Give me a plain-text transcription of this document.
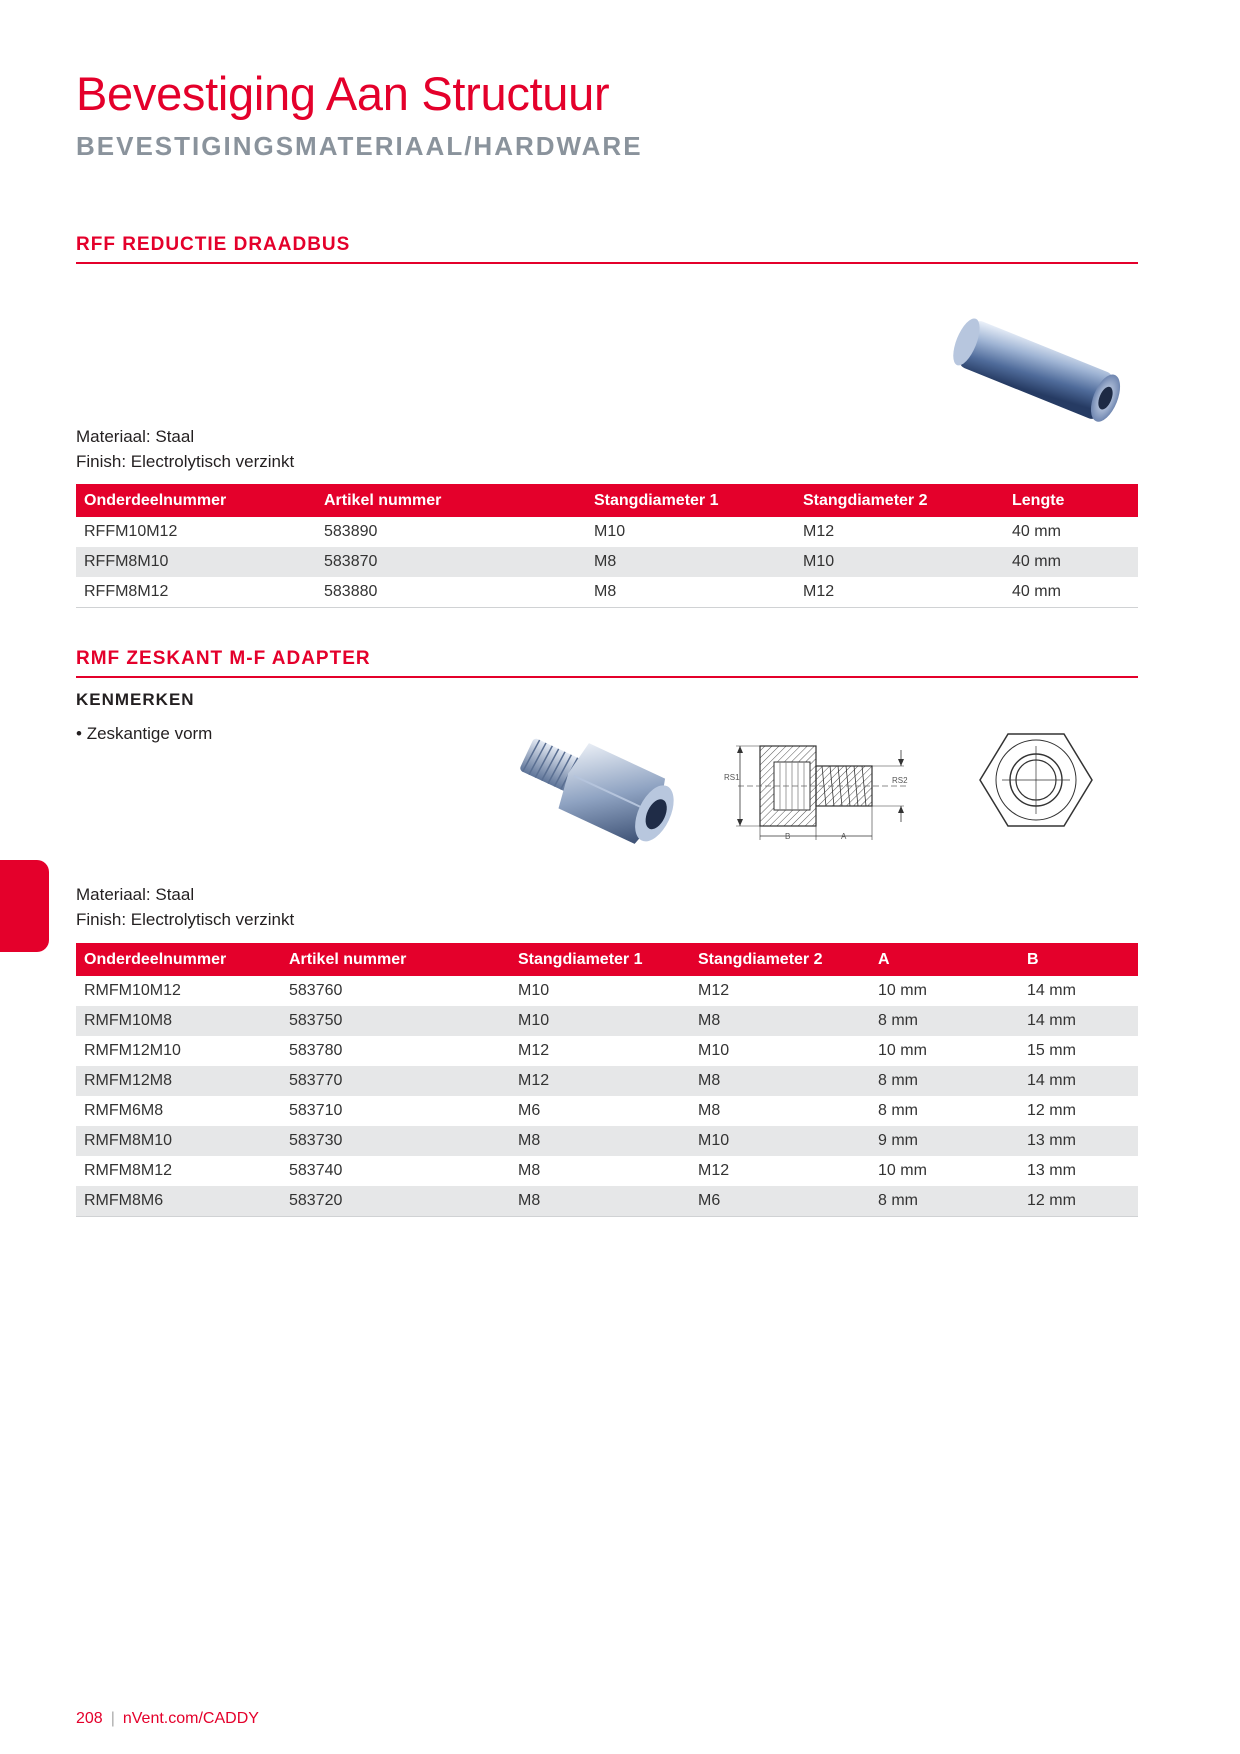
Bevestiging Aan Structuur
BEVESTIGINGSMATERIAAL/HARDWARE
RFF REDUCTIE DRAADBUS
Materiaal: Staal
Finish: Electrolytisch verzinkt
Onderdeelnummer	Artikel nummer	Stangdiameter 1	Stangdiameter 2	Lengte
RFFM10M12	583890	M10	M12	40 mm
RFFM8M10	583870	M8	M10	40 mm
RFFM8M12	583880	M8	M12	40 mm
RMF ZESKANT M-F ADAPTER
KENMERKEN
• Zeskantige vorm
RS1	RS2
B	A
Materiaal: Staal
Finish: Electrolytisch verzinkt
Onderdeelnummer	Artikel nummer	Stangdiameter 1	Stangdiameter 2	A	B
RMFM10M12	583760	M10	M12	10 mm	14 mm
RMFM10M8	583750	M10	M8	8 mm	14 mm
RMFM12M10	583780	M12	M10	10 mm	15 mm
RMFM12M8	583770	M12	M8	8 mm	14 mm
RMFM6M8	583710	M6	M8	8 mm	12 mm
RMFM8M10	583730	M8	M10	9 mm	13 mm
RMFM8M12	583740	M8	M12	10 mm	13 mm
RMFM8M6	583720	M8	M6	8 mm	12 mm
208 | nVent.com/CADDY
